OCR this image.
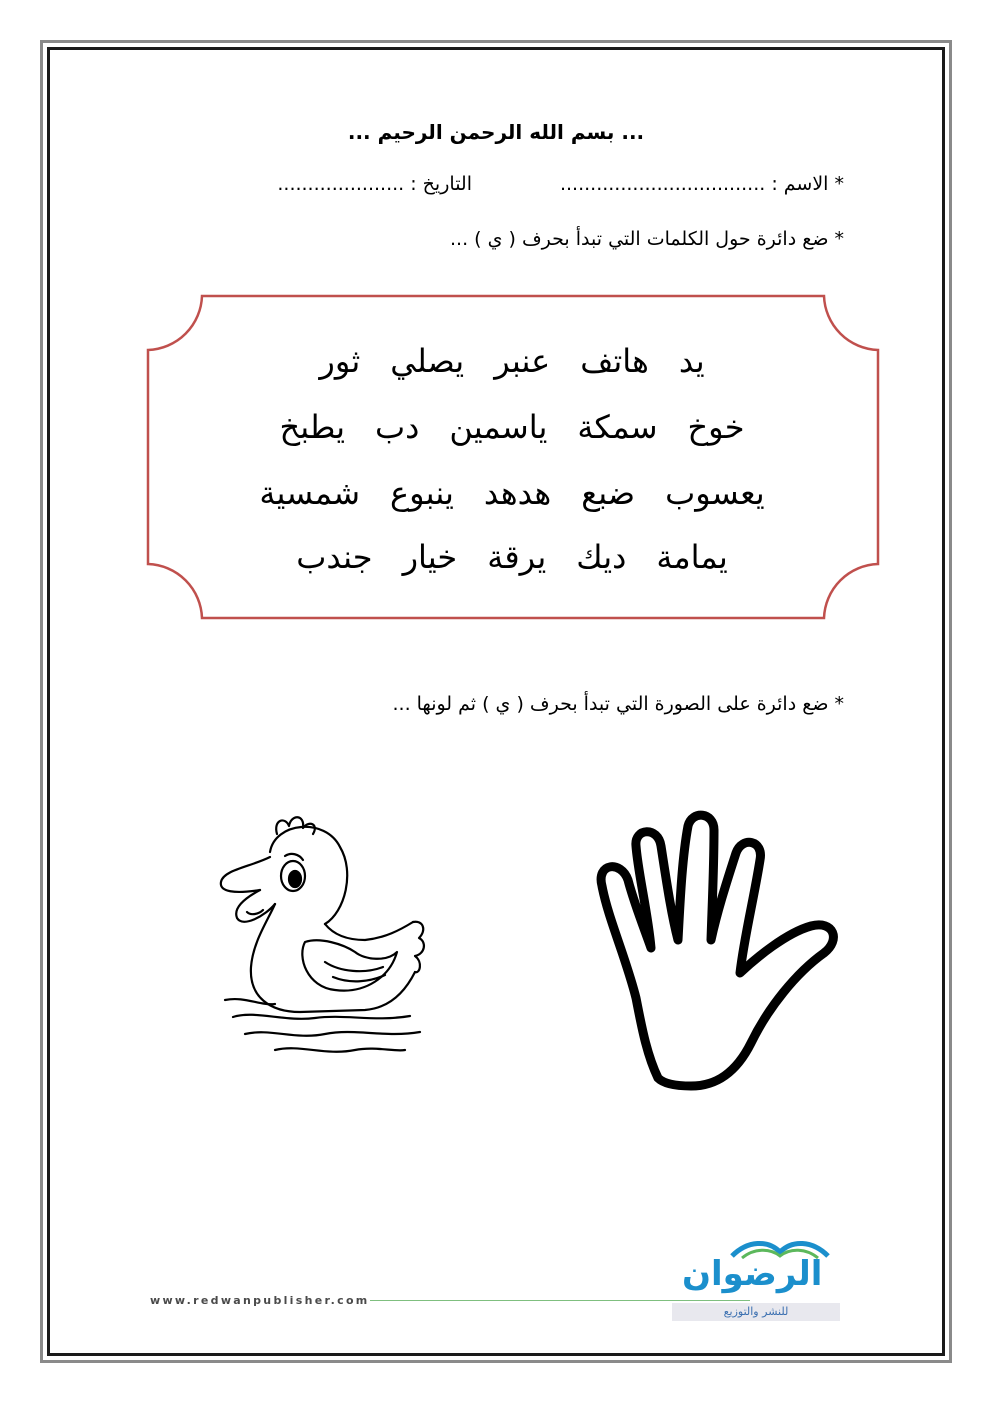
... بسم الله الرحمن الرحيم ...
* الاسم : ..................................
التاريخ : .....................
* ضع دائرة حول الكلمات التي تبدأ بحرف ( ي ) ...
يد
هاتف
عنبر
يصلي
ثور
خوخ
سمكة
ياسمين
دب
يطبخ
يعسوب
ضبع
هدهد
ينبوع
شمسية
يمامة
ديك
يرقة
خيار
جندب
* ضع دائرة على الصورة التي تبدأ بحرف ( ي ) ثم لونها ...
www.redwanpublisher.com
الرضوان
للنشر والتوزيع
